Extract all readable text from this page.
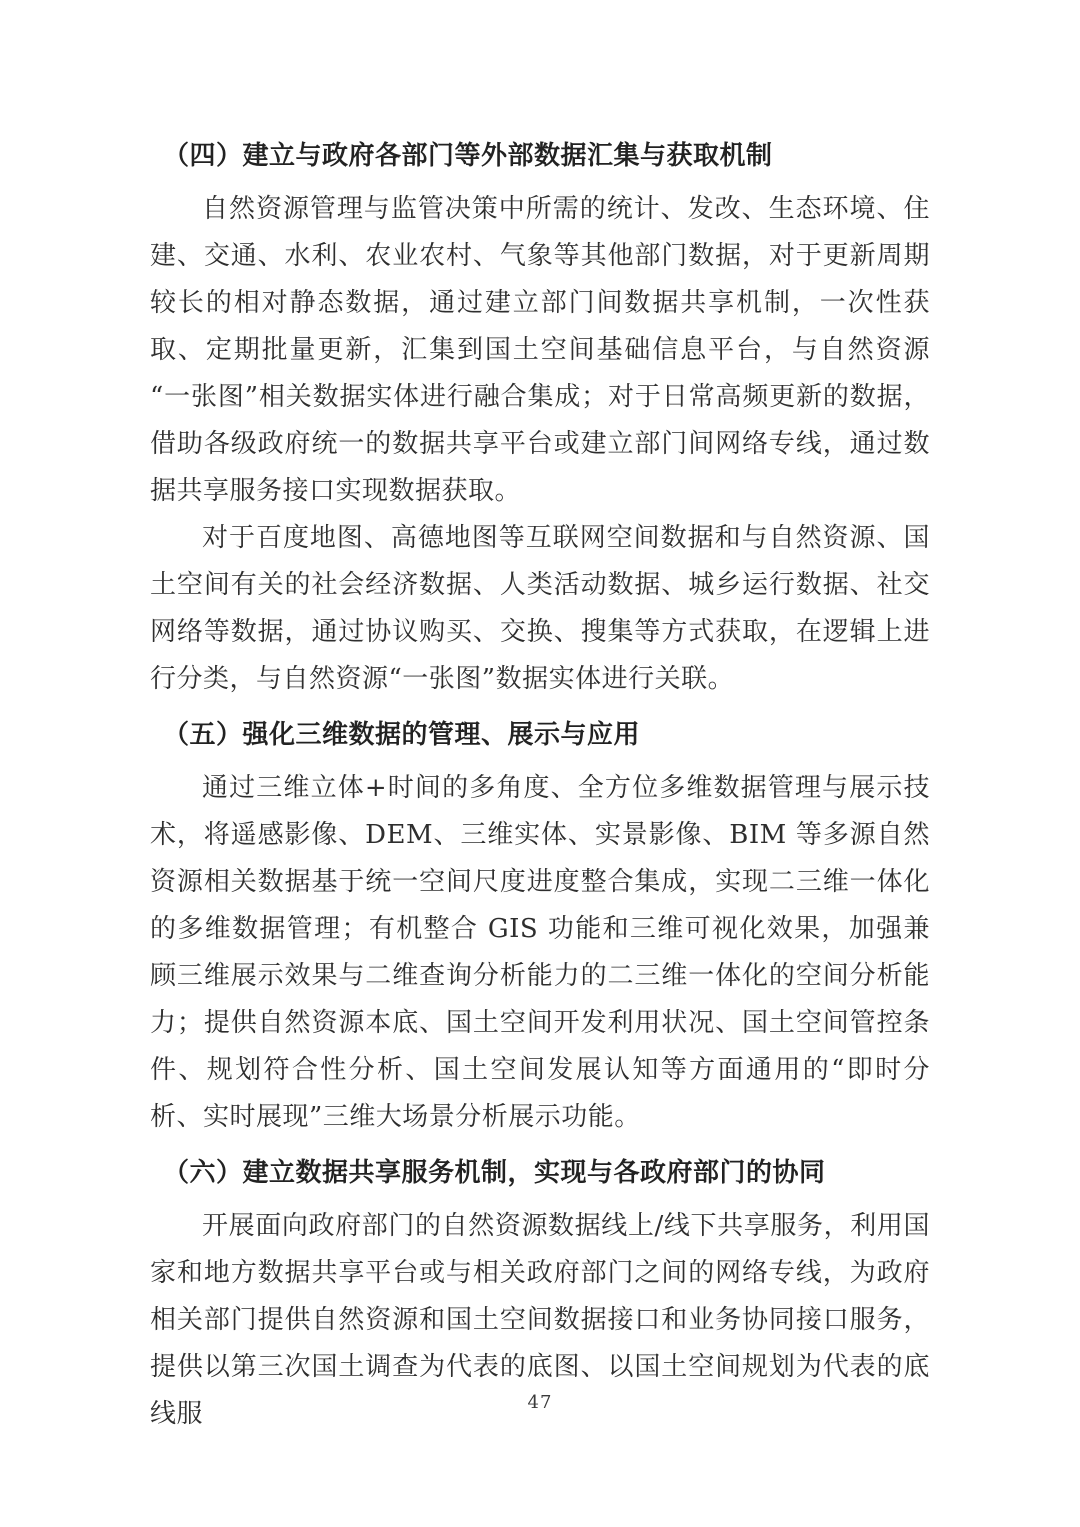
（四）建立与政府各部门等外部数据汇集与获取机制

自然资源管理与监管决策中所需的统计、发改、生态环境、住建、交通、水利、农业农村、气象等其他部门数据，对于更新周期较长的相对静态数据，通过建立部门间数据共享机制，一次性获取、定期批量更新，汇集到国土空间基础信息平台，与自然资源“一张图”相关数据实体进行融合集成；对于日常高频更新的数据，借助各级政府统一的数据共享平台或建立部门间网络专线，通过数据共享服务接口实现数据获取。

对于百度地图、高德地图等互联网空间数据和与自然资源、国土空间有关的社会经济数据、人类活动数据、城乡运行数据、社交网络等数据，通过协议购买、交换、搜集等方式获取，在逻辑上进行分类，与自然资源“一张图”数据实体进行关联。

（五）强化三维数据的管理、展示与应用

通过三维立体+时间的多角度、全方位多维数据管理与展示技术，将遥感影像、DEM、三维实体、实景影像、BIM 等多源自然资源相关数据基于统一空间尺度进度整合集成，实现二三维一体化的多维数据管理；有机整合 GIS 功能和三维可视化效果，加强兼顾三维展示效果与二维查询分析能力的二三维一体化的空间分析能力；提供自然资源本底、国土空间开发利用状况、国土空间管控条件、规划符合性分析、国土空间发展认知等方面通用的“即时分析、实时展现”三维大场景分析展示功能。

（六）建立数据共享服务机制，实现与各政府部门的协同

开展面向政府部门的自然资源数据线上/线下共享服务，利用国家和地方数据共享平台或与相关政府部门之间的网络专线，为政府相关部门提供自然资源和国土空间数据接口和业务协同接口服务，提供以第三次国土调查为代表的底图、以国土空间规划为代表的底线服	47
